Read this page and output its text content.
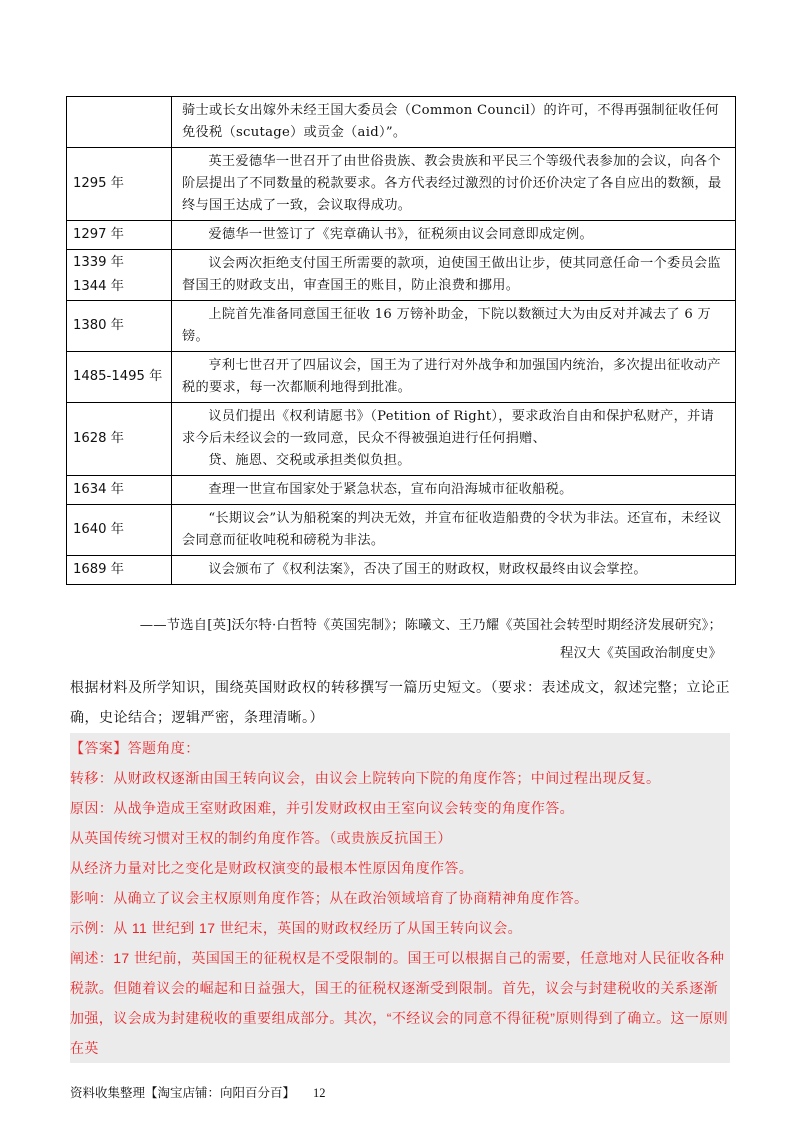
	骑士或长女出嫁外未经王国大委员会（Common Council）的许可，不得再强制征收任何免役税（scutage）或贡金（aid）”。

1295 年	英王爱德华一世召开了由世俗贵族、教会贵族和平民三个等级代表参加的会议，向各个阶层提出了不同数量的税款要求。各方代表经过激烈的讨价还价决定了各自应出的数额，最终与国王达成了一致，会议取得成功。

1297 年	爱德华一世签订了《宪章确认书》，征税须由议会同意即成定例。

1339 年
1344 年	议会两次拒绝支付国王所需要的款项，迫使国王做出让步，使其同意任命一个委员会监督国王的财政支出，审查国王的账目，防止浪费和挪用。

1380 年	上院首先准备同意国王征收 16 万镑补助金，下院以数额过大为由反对并减去了 6 万镑。

1485-1495 年	亨利七世召开了四届议会，国王为了进行对外战争和加强国内统治，多次提出征收动产税的要求，每一次都顺利地得到批准。

1628 年	议员们提出《权利请愿书》（Petition of Right），要求政治自由和保护私财产，并请求今后未经议会的一致同意，民众不得被强迫进行任何捐赠、
贷、施恩、交税或承担类似负担。

1634 年	查理一世宣布国家处于紧急状态，宣布向沿海城市征收船税。

1640 年	“长期议会”认为船税案的判决无效，并宣布征收造船费的令状为非法。还宣布，未经议会同意而征收吨税和磅税为非法。

1689 年	议会颁布了《权利法案》，否决了国王的财政权，财政权最终由议会掌控。
——节选自[英]沃尔特·白哲特《英国宪制》；陈曦文、王乃耀《英国社会转型时期经济发展研究》；
程汉大《英国政治制度史》
根据材料及所学知识，围绕英国财政权的转移撰写一篇历史短文。（要求：表述成文，叙述完整；立论正确，史论结合；逻辑严密，条理清晰。）
【答案】答题角度：
转移：从财政权逐渐由国王转向议会，由议会上院转向下院的角度作答；中间过程出现反复。
原因：从战争造成王室财政困难，并引发财政权由王室向议会转变的角度作答。
从英国传统习惯对王权的制约角度作答。（或贵族反抗国王）
从经济力量对比之变化是财政权演变的最根本性原因角度作答。
影响：从确立了议会主权原则角度作答；从在政治领域培育了协商精神角度作答。
示例：从 11 世纪到 17 世纪末，英国的财政权经历了从国王转向议会。
阐述：17 世纪前，英国国王的征税权是不受限制的。国王可以根据自己的需要，任意地对人民征收各种税款。但随着议会的崛起和日益强大，国王的征税权逐渐受到限制。首先，议会与封建税收的关系逐渐加强，议会成为封建税收的重要组成部分。其次，“不经议会的同意不得征税”原则得到了确立。这一原则在英
资料收集整理【淘宝店铺：向阳百分百】 12
